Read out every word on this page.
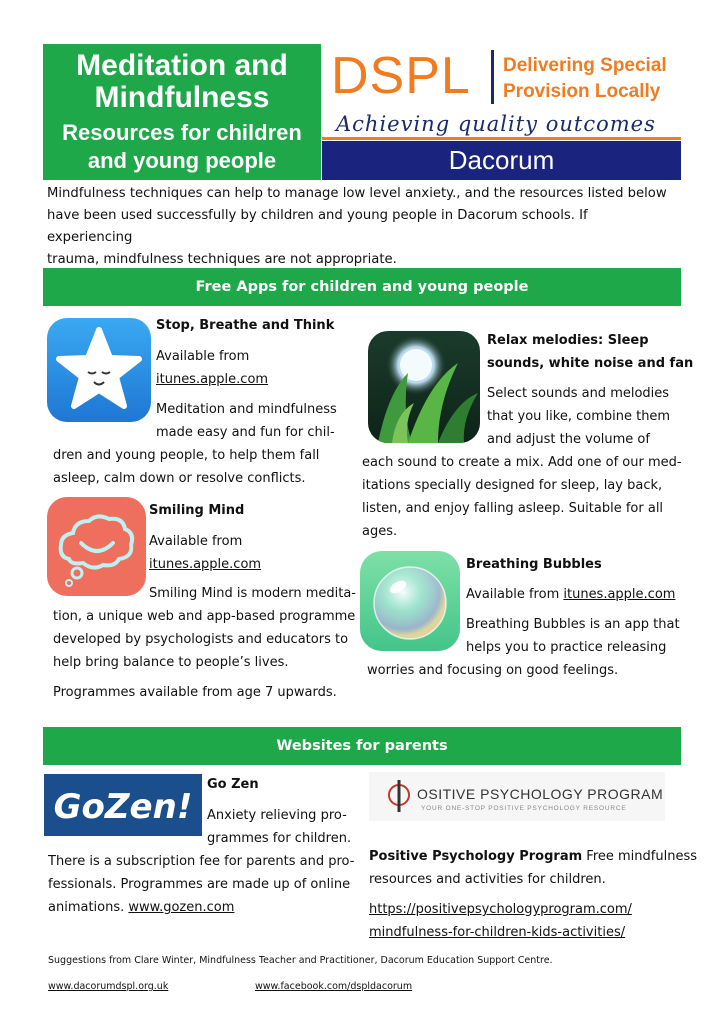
Meditation and
Mindfulness
Resources for children
and young people
DSPL	Delivering Special
Provision Locally
Achieving quality outcomes
Dacorum
Mindfulness techniques can help to manage low level anxiety., and the resources listed below
have been used successfully by children and young people in Dacorum schools. If experiencing
trauma, mindfulness techniques are not appropriate.
Free Apps for children and young people
Stop, Breathe and Think
Available from
itunes.apple.com
Meditation and mindfulness
made easy and fun for chil-
dren and young people, to help them fall
asleep, calm down or resolve conflicts.
Smiling Mind
Available from
itunes.apple.com
Smiling Mind is modern medita-
tion, a unique web and app-based programme
developed by psychologists and educators to
help bring balance to people’s lives.
Programmes available from age 7 upwards.
Relax melodies: Sleep
sounds, white noise and fan
Select sounds and melodies
that you like, combine them
and adjust the volume of
each sound to create a mix. Add one of our med-
itations specially designed for sleep, lay back,
listen, and enjoy falling asleep. Suitable for all
ages.
Breathing Bubbles
Available from itunes.apple.com
Breathing Bubbles is an app that
helps you to practice releasing
worries and focusing on good feelings.
Websites for parents
GoZen!
Go Zen
Anxiety relieving pro-
grammes for children.
There is a subscription fee for parents and pro-
fessionals. Programmes are made up of online
animations. www.gozen.com
OSITIVE PSYCHOLOGY PROGRAM
YOUR ONE-STOP POSITIVE PSYCHOLOGY RESOURCE
Positive Psychology Program Free mindfulness
resources and activities for children.
https://positivepsychologyprogram.com/
mindfulness-for-children-kids-activities/
Suggestions from Clare Winter, Mindfulness Teacher and Practitioner, Dacorum Education Support Centre.
www.dacorumdspl.org.uk	www.facebook.com/dspldacorum
